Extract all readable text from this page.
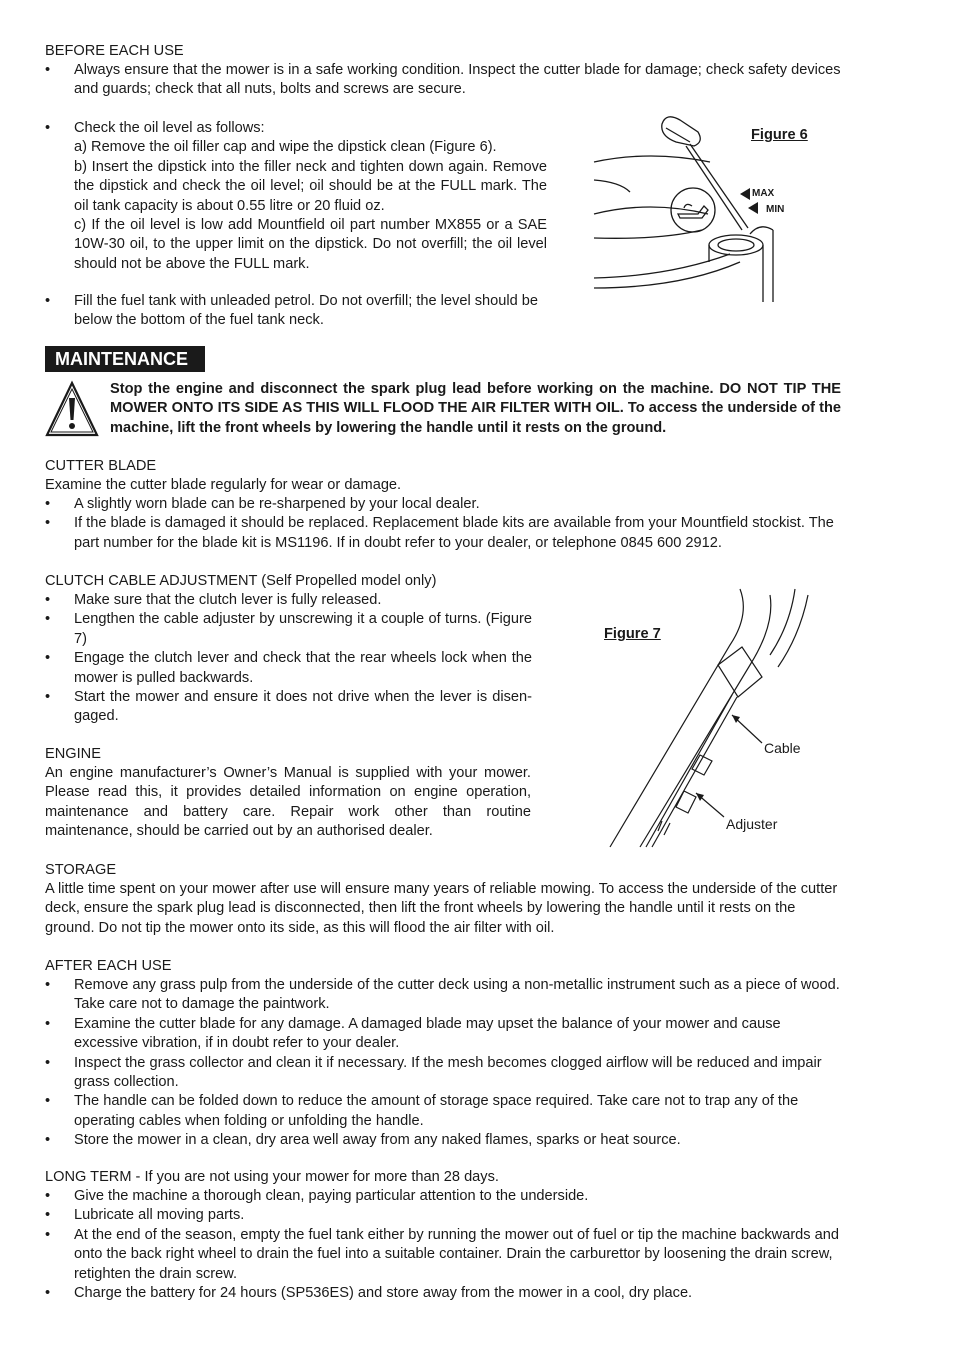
BEFORE EACH USE
• Always ensure that the mower is in a safe working condition. Inspect the cutter blade for damage; check safety devices and guards; check that all nuts, bolts and screws are secure.
• Check the oil level as follows:
a) Remove the oil filler cap and wipe the dipstick clean (Figure 6).
b) Insert the dipstick into the filler neck and tighten down again. Remove the dipstick and check the oil level; oil should be at the FULL mark. The oil tank capacity is about 0.55 litre or 20 fluid oz.
c) If the oil level is low add Mountfield oil part number MX855 or a SAE 10W-30 oil, to the upper limit on the dipstick. Do not overfill; the oil level should not be above the FULL mark.
• Fill the fuel tank with unleaded petrol. Do not overfill; the level should be below the bottom of the fuel tank neck.
Figure 6
MAX
MIN
MAINTENANCE

Stop the engine and disconnect the spark plug lead before working on the machine. DO NOT TIP THE MOWER ONTO ITS SIDE AS THIS WILL FLOOD THE AIR FILTER WITH OIL. To access the underside of the machine, lift the front wheels by lowering the handle until it rests on the ground.

CUTTER BLADE
Examine the cutter blade regularly for wear or damage.
• A slightly worn blade can be re-sharpened by your local dealer.
• If the blade is damaged it should be replaced. Replacement blade kits are available from your Mountfield stockist. The part number for the blade kit is MS1196. If in doubt refer to your dealer, or telephone 0845 600 2912.
CLUTCH CABLE ADJUSTMENT (Self Propelled model only)
• Make sure that the clutch lever is fully released.
• Lengthen the cable adjuster by unscrewing it a couple of turns. (Figure 7)
• Engage the clutch lever and check that the rear wheels lock when the mower is pulled backwards.
• Start the mower and ensure it does not drive when the lever is disen-gaged.
Figure 7
Cable
Adjuster
ENGINE

An engine manufacturer’s Owner’s Manual is supplied with your mower. Please read this, it provides detailed information on engine operation, maintenance and battery care. Repair work other than routine maintenance, should be carried out by an authorised dealer.

STORAGE

A little time spent on your mower after use will ensure many years of reliable mowing. To access the underside of the cutter deck, ensure the spark plug lead is disconnected, then lift the front wheels by lowering the handle until it rests on the ground. Do not tip the mower onto its side, as this will flood the air filter with oil.

AFTER EACH USE
• Remove any grass pulp from the underside of the cutter deck using a non-metallic instrument such as a piece of wood. Take care not to damage the paintwork.
• Examine the cutter blade for any damage. A damaged blade may upset the balance of your mower and cause excessive vibration, if in doubt refer to your dealer.
• Inspect the grass collector and clean it if necessary. If the mesh becomes clogged airflow will be reduced and impair grass collection.
• The handle can be folded down to reduce the amount of storage space required. Take care not to trap any of the operating cables when folding or unfolding the handle.
• Store the mower in a clean, dry area well away from any naked flames, sparks or heat source.
LONG TERM - If you are not using your mower for more than 28 days.
• Give the machine a thorough clean, paying particular attention to the underside.
• Lubricate all moving parts.
• At the end of the season, empty the fuel tank either by running the mower out of fuel or tip the machine backwards and onto the back right wheel to drain the fuel into a suitable container. Drain the carburettor by loosening the drain screw, retighten the drain screw.
• Charge the battery for 24 hours (SP536ES) and store away from the mower in a cool, dry place.
